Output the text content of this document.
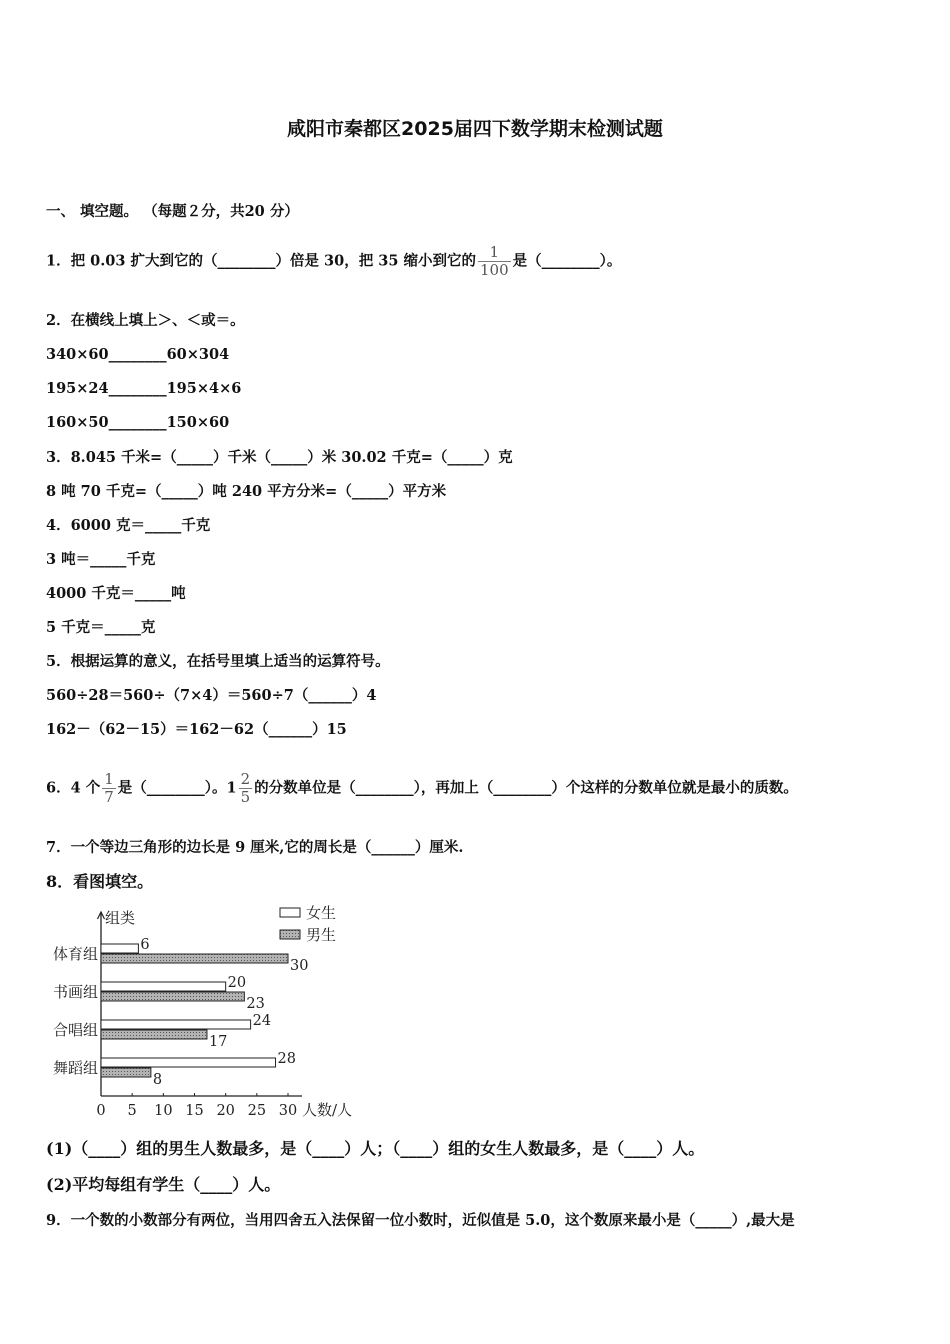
咸阳市秦都区2025届四下数学期末检测试题
一、 填空题。 （每题２分，共20 分）
1．把 0.03 扩大到它的（________）倍是 30，把 35 缩小到它的 $\frac{1}{100}$ 是（________）。
2．在横线上填上＞、＜或＝。
340×60________60×304
195×24________195×4×6
160×50________150×60
3．8.045 千米=（_____）千米（_____）米 30.02 千克=（_____）克
8 吨 70 千克=（_____）吨 240 平方分米=（_____）平方米
4．6000 克＝_____千克
3 吨＝_____千克
4000 千克＝_____吨
5 千克＝_____克
5．根据运算的意义，在括号里填上适当的运算符号。
560÷28＝560÷（7×4）＝560÷7（______）4
162－（62－15）＝162－62（______）15
6．4 个 $\frac{1}{7}$ 是（________）。$1 \frac{2}{5}$ 的分数单位是（________），再加上（________）个这样的分数单位就是最小的质数。
7．一个等边三角形的边长是 9 厘米,它的周长是（______）厘米.
8．看图填空。
组类
0 5 10 15 20 25 30 人数/人
体育组	6
30
书画组	20
23
合唱组	24
17
舞蹈组	28
8
女生
男生
(1)（____）组的男生人数最多，是（____）人；（____）组的女生人数最多，是（____）人。
(2)平均每组有学生（____）人。
9．一个数的小数部分有两位，当用四舍五入法保留一位小数时，近似值是 5.0，这个数原来最小是（_____）,最大是
